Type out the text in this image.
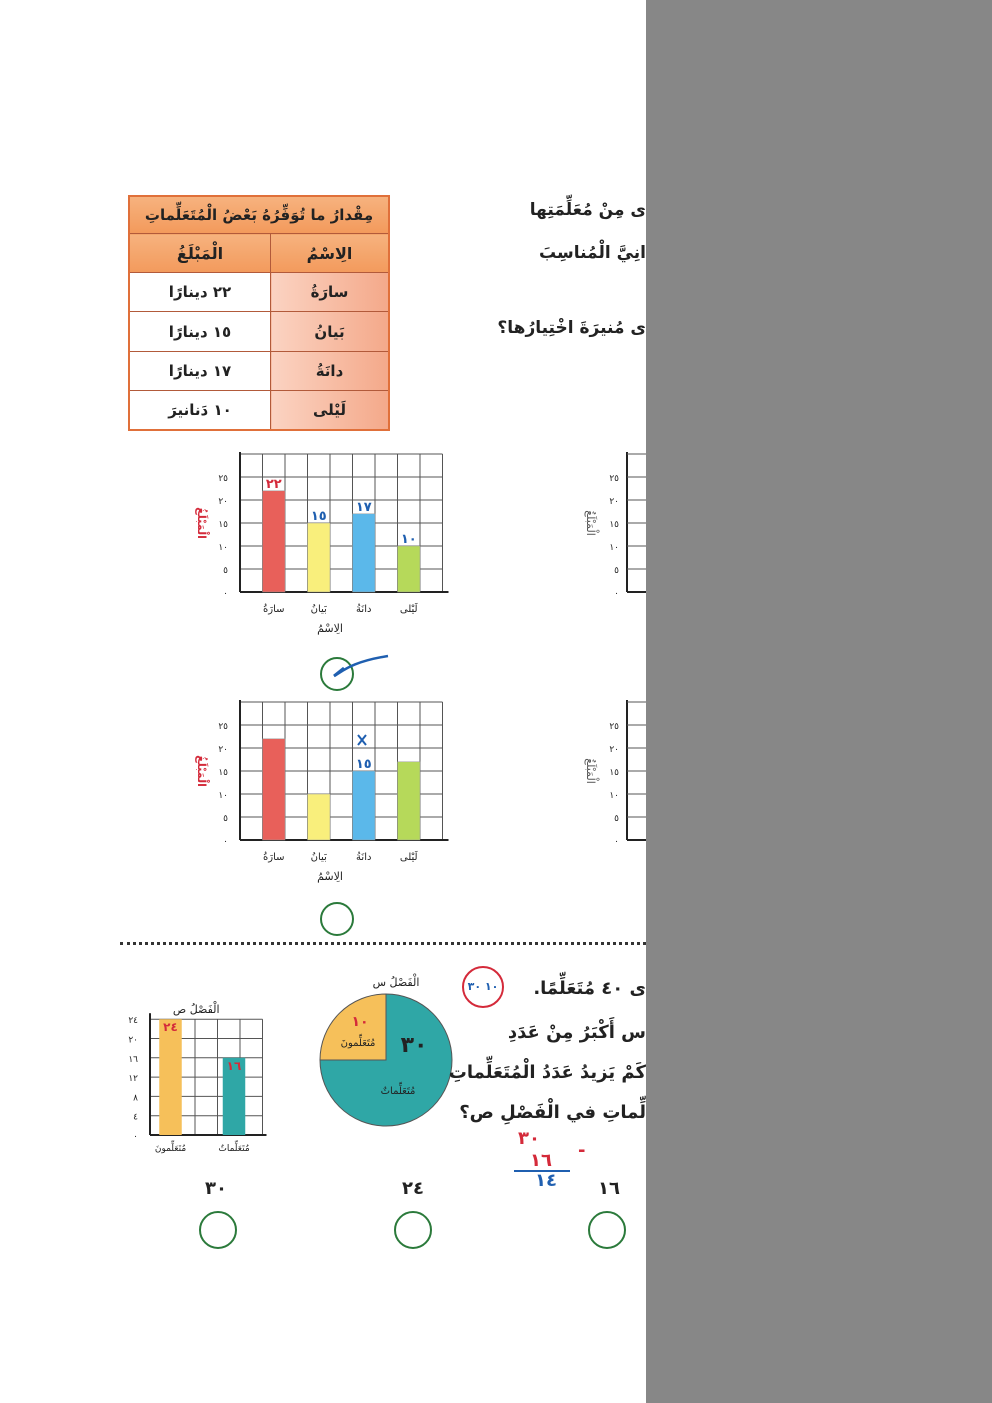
مِقْدارُ ما تُوَفِّرُهُ بَعْضُ الْمُتَعَلِّماتِ	
الِاسْمُ	الْمَبْلَغُ
سارَةُ	٢٢ دينارًا
بَيانُ	١٥ دينارًا
دانَةُ	١٧ دينارًا
لَيْلى	١٠ دَنانيرَ
ى مِنْ مُعَلِّمَتِها
انِيَّ الْمُناسِبَ
ى مُنيرَةَ اخْتِيارُها؟
٠
٥
١٠
١٥
٢٠
٢٥
الْمَبْلَغُ
سارَةُ
٢٢
بَيانُ
١٥
دانَةُ
١٧
لَيْلى
١٠
الِاسْمُ
٠
٥
١٠
١٥
٢٠
٢٥
الْمَبْلَغُ
سارَةُ	بَيانُ	دانَةُ
١٥
لَيْلى
الِاسْمُ
٠
٥
١٠
١٥
٢٠
٢٥
الْمَبْلَغُ
٠
٥
١٠
١٥
٢٠
٢٥
الْمَبْلَغُ
٠
٤
٨
١٢
١٦
٢٠
٢٤ ٢٤
مُتَعَلِّمونَ
١٦
مُتَعَلِّماتٌ
الْفَصْلُ ص
الْفَصْلُ س
مُتَعَلِّمونَ
١٠
٣٠
مُتَعَلِّماتٌ
ى ٤٠ مُتَعَلِّمًا.
س أَكْبَرُ مِنْ عَدَدِ
كَمْ يَزيدُ عَدَدُ الْمُتَعَلِّماتِ
لِّماتِ في الْفَصْلِ ص؟
١٠ ٣٠
٣٠
-
١٦
١٤
٣٠	٢٤	١٦
